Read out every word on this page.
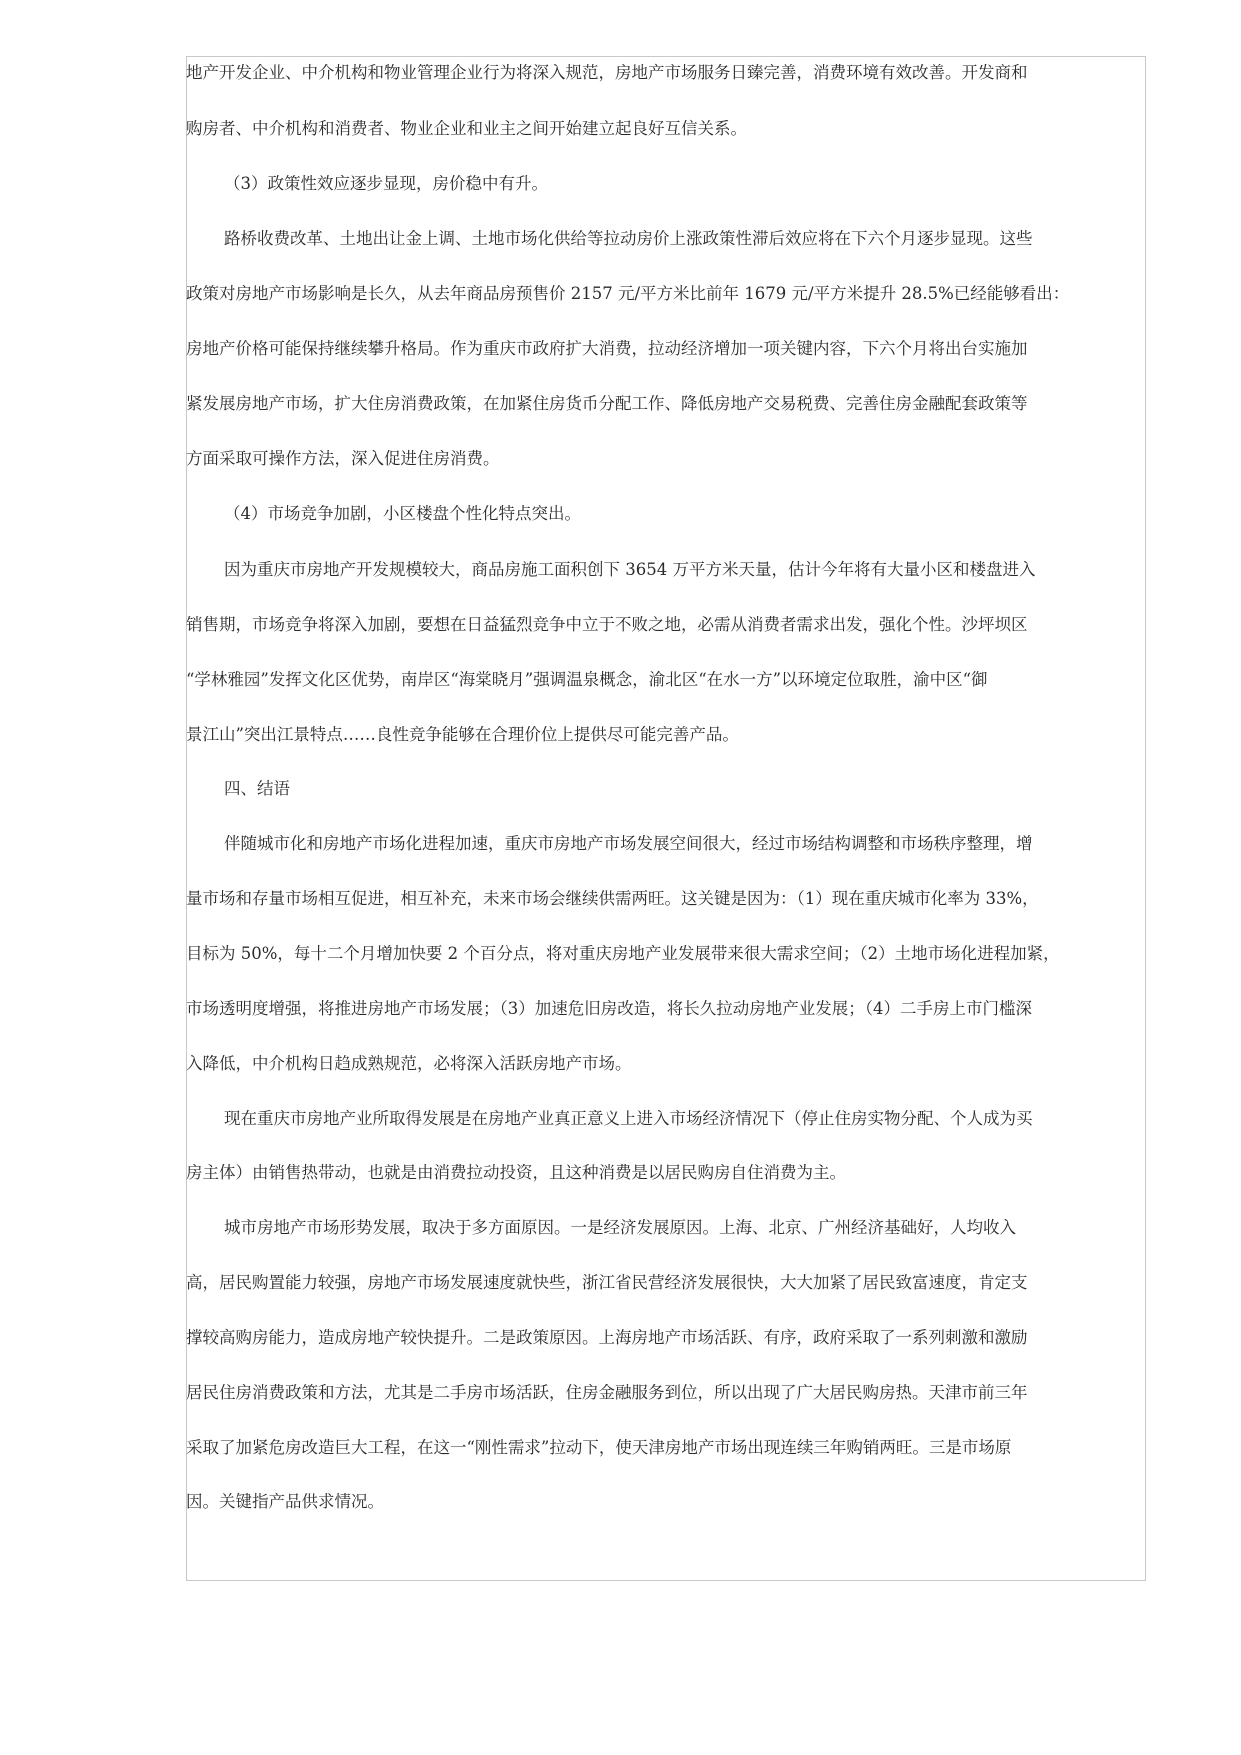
地产开发企业、中介机构和物业管理企业行为将深入规范，房地产市场服务日臻完善，消费环境有效改善。开发商和
购房者、中介机构和消费者、物业企业和业主之间开始建立起良好互信关系。
（3）政策性效应逐步显现，房价稳中有升。
路桥收费改革、土地出让金上调、土地市场化供给等拉动房价上涨政策性滞后效应将在下六个月逐步显现。这些
政策对房地产市场影响是长久，从去年商品房预售价 2157 元/平方米比前年 1679 元/平方米提升 28.5%已经能够看出：
房地产价格可能保持继续攀升格局。作为重庆市政府扩大消费，拉动经济增加一项关键内容，下六个月将出台实施加
紧发展房地产市场，扩大住房消费政策，在加紧住房货币分配工作、降低房地产交易税费、完善住房金融配套政策等
方面采取可操作方法，深入促进住房消费。
（4）市场竞争加剧，小区楼盘个性化特点突出。
因为重庆市房地产开发规模较大，商品房施工面积创下 3654 万平方米天量，估计今年将有大量小区和楼盘进入
销售期，市场竞争将深入加剧，要想在日益猛烈竞争中立于不败之地，必需从消费者需求出发，强化个性。沙坪坝区
“学林雅园”发挥文化区优势，南岸区“海棠晓月”强调温泉概念，渝北区“在水一方”以环境定位取胜，渝中区“御
景江山”突出江景特点……良性竞争能够在合理价位上提供尽可能完善产品。
四、结语
伴随城市化和房地产市场化进程加速，重庆市房地产市场发展空间很大，经过市场结构调整和市场秩序整理，增
量市场和存量市场相互促进，相互补充，未来市场会继续供需两旺。这关键是因为：（1）现在重庆城市化率为 33%，
目标为 50%，每十二个月增加快要 2 个百分点，将对重庆房地产业发展带来很大需求空间；（2）土地市场化进程加紧，
市场透明度增强，将推进房地产市场发展；（3）加速危旧房改造，将长久拉动房地产业发展；（4）二手房上市门槛深
入降低，中介机构日趋成熟规范，必将深入活跃房地产市场。
现在重庆市房地产业所取得发展是在房地产业真正意义上进入市场经济情况下（停止住房实物分配、个人成为买
房主体）由销售热带动，也就是由消费拉动投资，且这种消费是以居民购房自住消费为主。
城市房地产市场形势发展，取决于多方面原因。一是经济发展原因。上海、北京、广州经济基础好，人均收入
高，居民购置能力较强，房地产市场发展速度就快些，浙江省民营经济发展很快，大大加紧了居民致富速度，肯定支
撑较高购房能力，造成房地产较快提升。二是政策原因。上海房地产市场活跃、有序，政府采取了一系列刺激和激励
居民住房消费政策和方法，尤其是二手房市场活跃，住房金融服务到位，所以出现了广大居民购房热。天津市前三年
采取了加紧危房改造巨大工程，在这一“刚性需求”拉动下，使天津房地产市场出现连续三年购销两旺。三是市场原
因。关键指产品供求情况。
